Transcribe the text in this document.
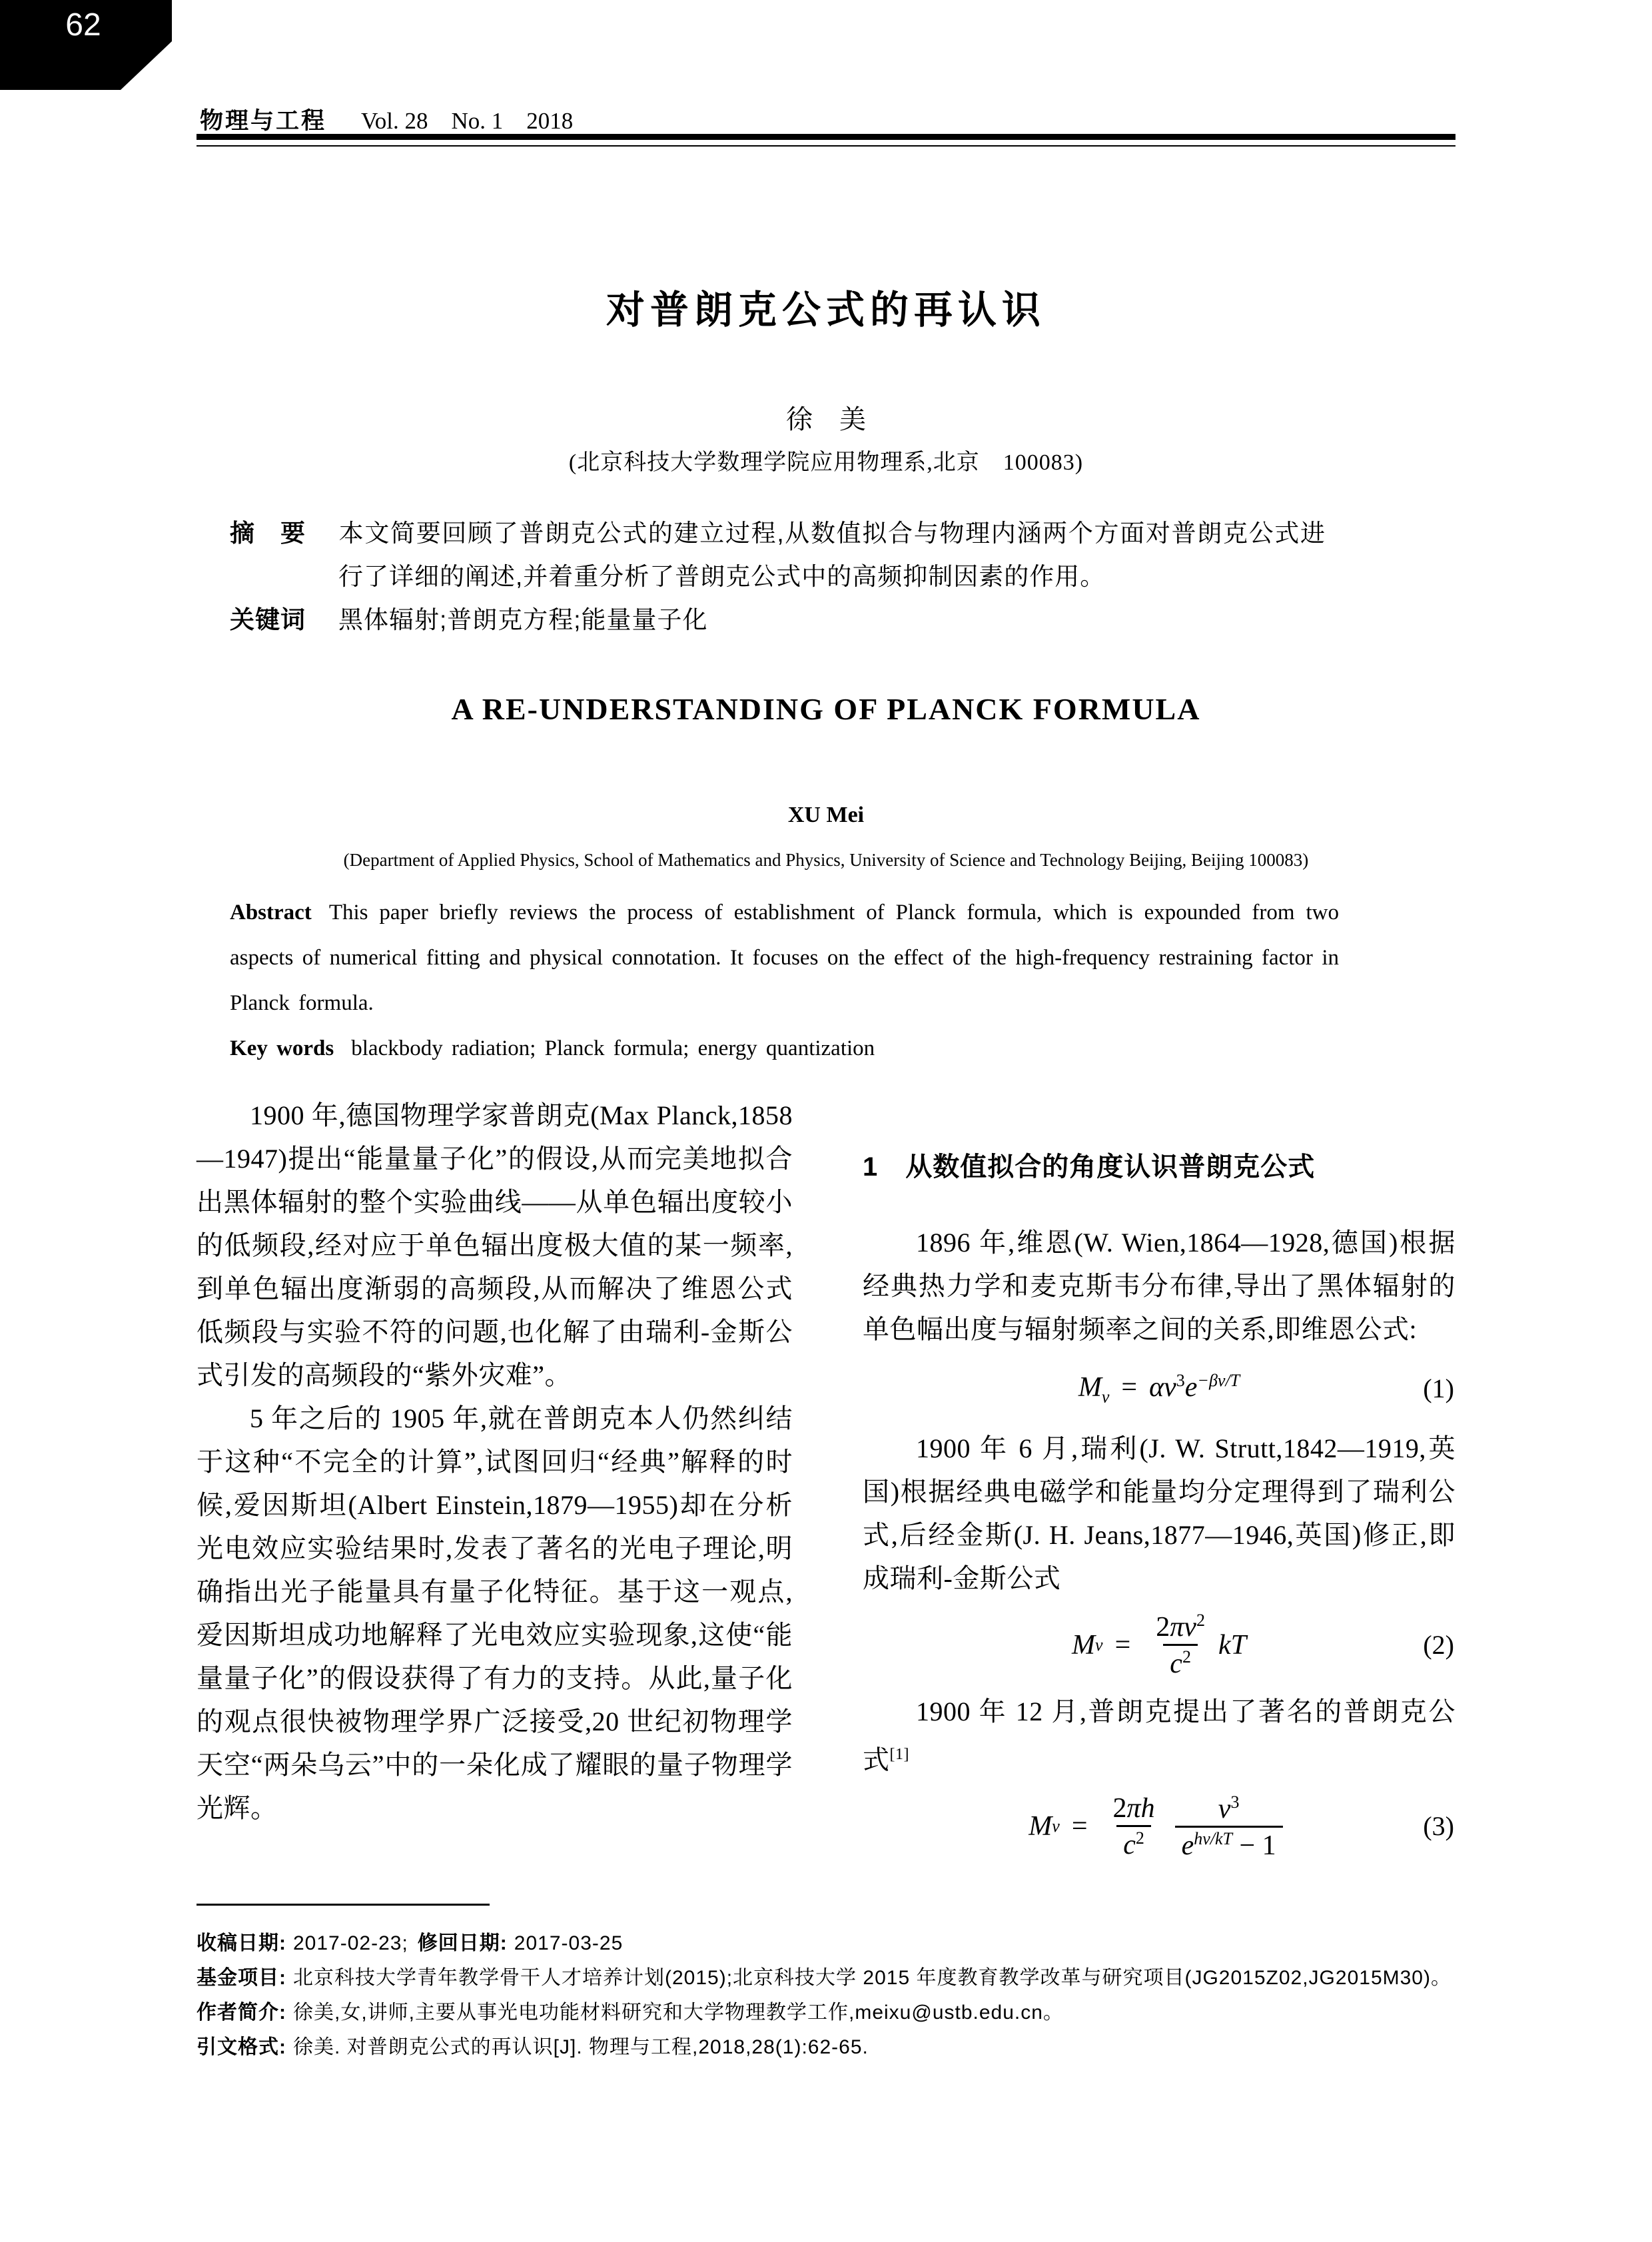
62
物理与工程 Vol. 28　No. 1　2018
对普朗克公式的再认识
徐　美
(北京科技大学数理学院应用物理系,北京　100083)

摘　要 本文简要回顾了普朗克公式的建立过程,从数值拟合与物理内涵两个方面对普朗克公式进行了详细的阐述,并着重分析了普朗克公式中的高频抑制因素的作用。

关键词 黑体辐射;普朗克方程;能量量子化

A RE-UNDERSTANDING OF PLANCK FORMULA
XU Mei
(Department of Applied Physics, School of Mathematics and Physics, University of Science and Technology Beijing, Beijing 100083)

Abstract This paper briefly reviews the process of establishment of Planck formula, which is expounded from two aspects of numerical fitting and physical connotation. It focuses on the effect of the high-frequency restraining factor in Planck formula.

Key words blackbody radiation; Planck formula; energy quantization

1900 年,德国物理学家普朗克(Max Planck,1858—1947)提出“能量量子化”的假设,从而完美地拟合出黑体辐射的整个实验曲线——从单色辐出度较小的低频段,经对应于单色辐出度极大值的某一频率,到单色辐出度渐弱的高频段,从而解决了维恩公式低频段与实验不符的问题,也化解了由瑞利-金斯公式引发的高频段的“紫外灾难”。

5 年之后的 1905 年,就在普朗克本人仍然纠结于这种“不完全的计算”,试图回归“经典”解释的时候,爱因斯坦(Albert Einstein,1879—1955)却在分析光电效应实验结果时,发表了著名的光电子理论,明确指出光子能量具有量子化特征。基于这一观点,爱因斯坦成功地解释了光电效应实验现象,这使“能量量子化”的假设获得了有力的支持。从此,量子化的观点很快被物理学界广泛接受,20 世纪初物理学天空“两朵乌云”中的一朵化成了耀眼的量子物理学光辉。

1　从数值拟合的角度认识普朗克公式

1896 年,维恩(W. Wien,1864—1928,德国)根据经典热力学和麦克斯韦分布律,导出了黑体辐射的单色幅出度与辐射频率之间的关系,即维恩公式:

$M_\nu = \alpha\nu^3e^{-\beta\nu/T}$	(1)

1900 年 6 月,瑞利(J. W. Strutt,1842—1919,英国)根据经典电磁学和能量均分定理得到了瑞利公式,后经金斯(J. H. Jeans,1877—1946,英国)修正,即成瑞利-金斯公式

M $\nu = \frac{2\pi\nu^2}{c^2}$ kT	(2)

1900 年 12 月,普朗克提出了著名的普朗克公式[1]

M $\nu = \frac{2\pi h}{c^2} \frac{\nu^3}{e^{h\nu/kT} - 1}$	(3)

收稿日期: 2017-02-23; 修回日期: 2017-03-25

基金项目: 北京科技大学青年教学骨干人才培养计划(2015);北京科技大学 2015 年度教育教学改革与研究项目(JG2015Z02,JG2015M30)。

作者简介: 徐美,女,讲师,主要从事光电功能材料研究和大学物理教学工作,meixu@ustb.edu.cn。

引文格式: 徐美. 对普朗克公式的再认识[J]. 物理与工程,2018,28(1):62-65.
